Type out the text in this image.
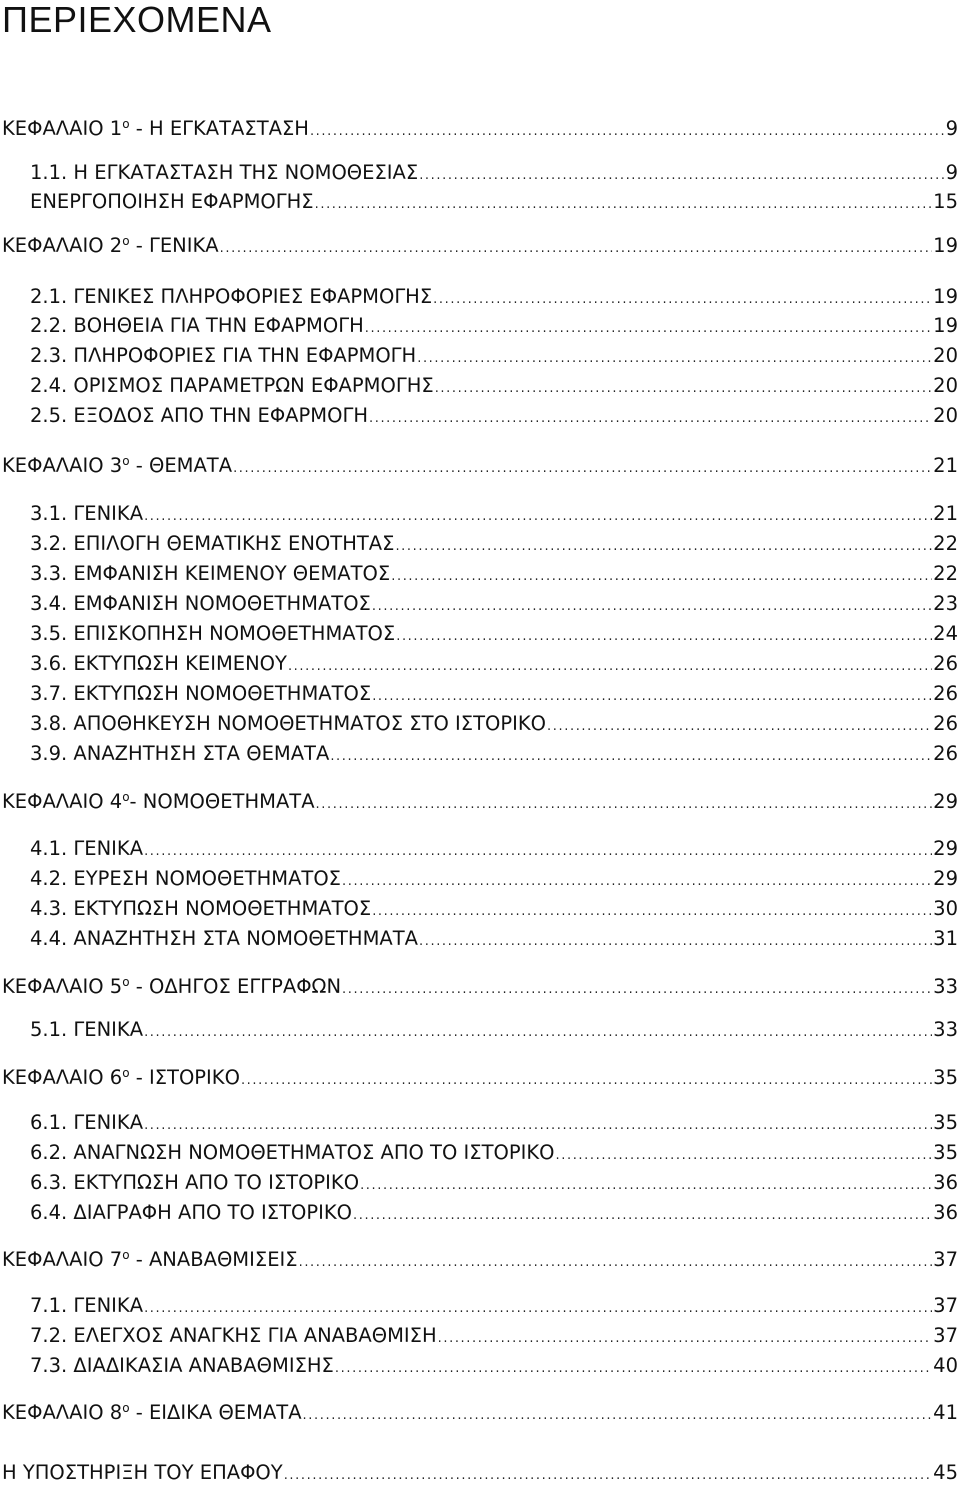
ΠΕΡΙΕΧΟΜΕΝΑ
ΚΕΦΑΛΑΙΟ $1^o$ - Η ΕΓΚΑΤΑΣΤΑΣΗ .....	9
1.1. Η ΕΓΚΑΤΑΣΤΑΣΗ ΤΗΣ ΝΟΜΟΘΕΣΙΑΣ .....	9
ΕΝΕΡΓΟΠΟΙΗΣΗ ΕΦΑΡΜΟΓΗΣ .....	15
ΚΕΦΑΛΑΙΟ $2^o$ - ΓΕΝΙΚΑ .....	19
2.1. ΓΕΝΙΚΕΣ ΠΛΗΡΟΦΟΡΙΕΣ ΕΦΑΡΜΟΓΗΣ .....	19
2.2. ΒΟΗΘΕΙΑ ΓΙΑ ΤΗΝ ΕΦΑΡΜΟΓΗ .....	19
2.3. ΠΛΗΡΟΦΟΡΙΕΣ ΓΙΑ ΤΗΝ ΕΦΑΡΜΟΓΗ .....	20
2.4. ΟΡΙΣΜΟΣ ΠΑΡΑΜΕΤΡΩΝ ΕΦΑΡΜΟΓΗΣ .....	20
2.5. ΕΞΟΔΟΣ ΑΠΟ ΤΗΝ ΕΦΑΡΜΟΓΗ .....	20
ΚΕΦΑΛΑΙΟ $3^o$ - ΘΕΜΑΤΑ .....	21
3.1. ΓΕΝΙΚΑ .....	21
3.2. ΕΠΙΛΟΓΗ ΘΕΜΑΤΙΚΗΣ ΕΝΟΤΗΤΑΣ .....	22
3.3. ΕΜΦΑΝΙΣΗ ΚΕΙΜΕΝΟΥ ΘΕΜΑΤΟΣ .....	22
3.4. ΕΜΦΑΝΙΣΗ ΝΟΜΟΘΕΤΗΜΑΤΟΣ .....	23
3.5. ΕΠΙΣΚΟΠΗΣΗ ΝΟΜΟΘΕΤΗΜΑΤΟΣ .....	24
3.6. ΕΚΤΥΠΩΣΗ ΚΕΙΜΕΝΟΥ .....	26
3.7. ΕΚΤΥΠΩΣΗ ΝΟΜΟΘΕΤΗΜΑΤΟΣ .....	26
3.8. ΑΠΟΘΗΚΕΥΣΗ ΝΟΜΟΘΕΤΗΜΑΤΟΣ ΣΤΟ ΙΣΤΟΡΙΚΟ .....	26
3.9. ΑΝΑΖΗΤΗΣΗ ΣΤΑ ΘΕΜΑΤΑ .....	26
ΚΕΦΑΛΑΙΟ $4^o-$ ΝΟΜΟΘΕΤΗΜΑΤΑ .....	29
4.1. ΓΕΝΙΚΑ .....	29
4.2. ΕΥΡΕΣΗ ΝΟΜΟΘΕΤΗΜΑΤΟΣ .....	29
4.3. ΕΚΤΥΠΩΣΗ ΝΟΜΟΘΕΤΗΜΑΤΟΣ .....	30
4.4. ΑΝΑΖΗΤΗΣΗ ΣΤΑ ΝΟΜΟΘΕΤΗΜΑΤΑ .....	31
ΚΕΦΑΛΑΙΟ $5^o$ - ΟΔΗΓΟΣ ΕΓΓΡΑΦΩΝ .....	33
5.1. ΓΕΝΙΚΑ .....	33
ΚΕΦΑΛΑΙΟ $6^o$ - ΙΣΤΟΡΙΚΟ .....	35
6.1. ΓΕΝΙΚΑ .....	35
6.2. ΑΝΑΓΝΩΣΗ ΝΟΜΟΘΕΤΗΜΑΤΟΣ ΑΠΟ ΤΟ ΙΣΤΟΡΙΚΟ .....	35
6.3. ΕΚΤΥΠΩΣΗ ΑΠΟ ΤΟ ΙΣΤΟΡΙΚΟ .....	36
6.4. ΔΙΑΓΡΑΦΗ ΑΠΟ ΤΟ ΙΣΤΟΡΙΚΟ .....	36
ΚΕΦΑΛΑΙΟ $7^o$ - ΑΝΑΒΑΘΜΙΣΕΙΣ .....	37
7.1. ΓΕΝΙΚΑ .....	37
7.2. ΕΛΕΓΧΟΣ ΑΝΑΓΚΗΣ ΓΙΑ ΑΝΑΒΑΘΜΙΣΗ .....	37
7.3. ΔΙΑΔΙΚΑΣΙΑ ΑΝΑΒΑΘΜΙΣΗΣ .....	40
ΚΕΦΑΛΑΙΟ $8^o$ - ΕΙΔΙΚΑ ΘΕΜΑΤΑ .....	41
Η ΥΠΟΣΤΗΡΙΞΗ ΤΟΥ ΕΠΑΦΟΥ .....	45
